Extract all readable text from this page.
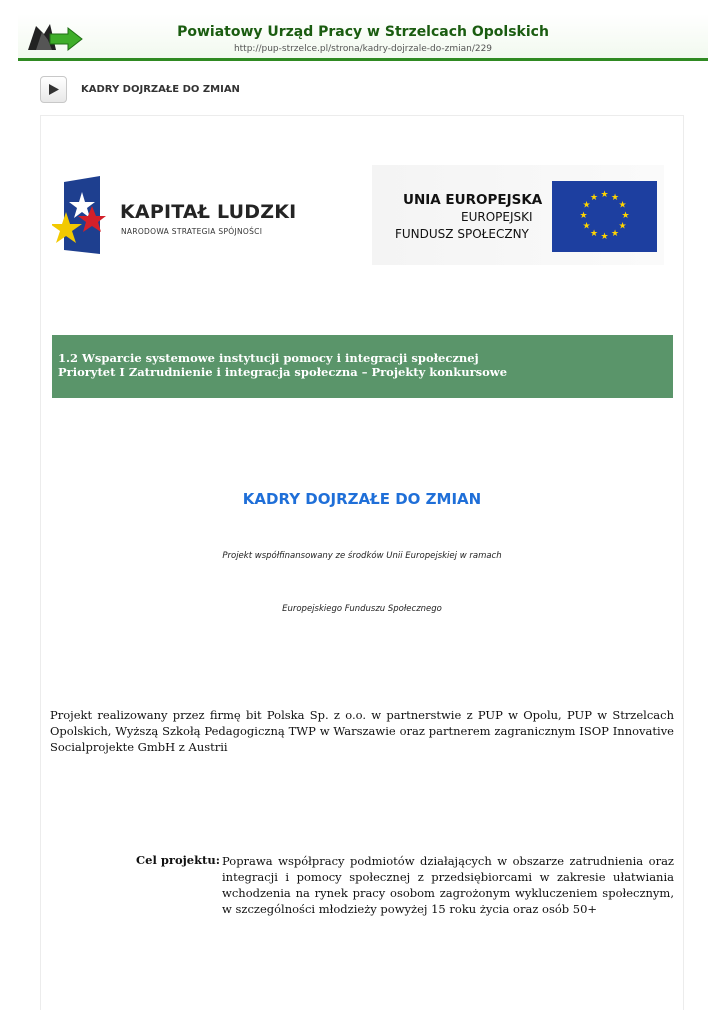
Powiatowy Urząd Pracy w Strzelcach Opolskich
http://pup-strzelce.pl/strona/kadry-dojrzale-do-zmian/229
KADRY DOJRZAŁE DO ZMIAN
KAPITAŁ LUDZKI
NARODOWA STRATEGIA SPÓJNOŚCI
UNIA EUROPEJSKA
EUROPEJSKI
FUNDUSZ SPOŁECZNY
★ ★
★
★
★
★
★
★
★
★
★
★
1.2 Wsparcie systemowe instytucji pomocy i integracji społecznej
Priorytet I Zatrudnienie i integracja społeczna – Projekty konkursowe
KADRY DOJRZAŁE DO ZMIAN
Projekt współfinansowany ze środków Unii Europejskiej w ramach
Europejskiego Funduszu Społecznego
Projekt realizowany przez firmę bit Polska Sp. z o.o. w partnerstwie z PUP w Opolu, PUP w Strzelcach Opolskich, Wyższą Szkołą Pedagogiczną TWP w Warszawie oraz partnerem zagranicznym ISOP Innovative Socialprojekte GmbH z Austrii
Cel projektu: Poprawa współpracy podmiotów działających w obszarze zatrudnienia oraz integracji i pomocy społecznej z przedsiębiorcami w zakresie ułatwiania wchodzenia na rynek pracy osobom zagrożonym wykluczeniem społecznym, w szczególności młodzieży powyżej 15 roku życia oraz osób 50+
